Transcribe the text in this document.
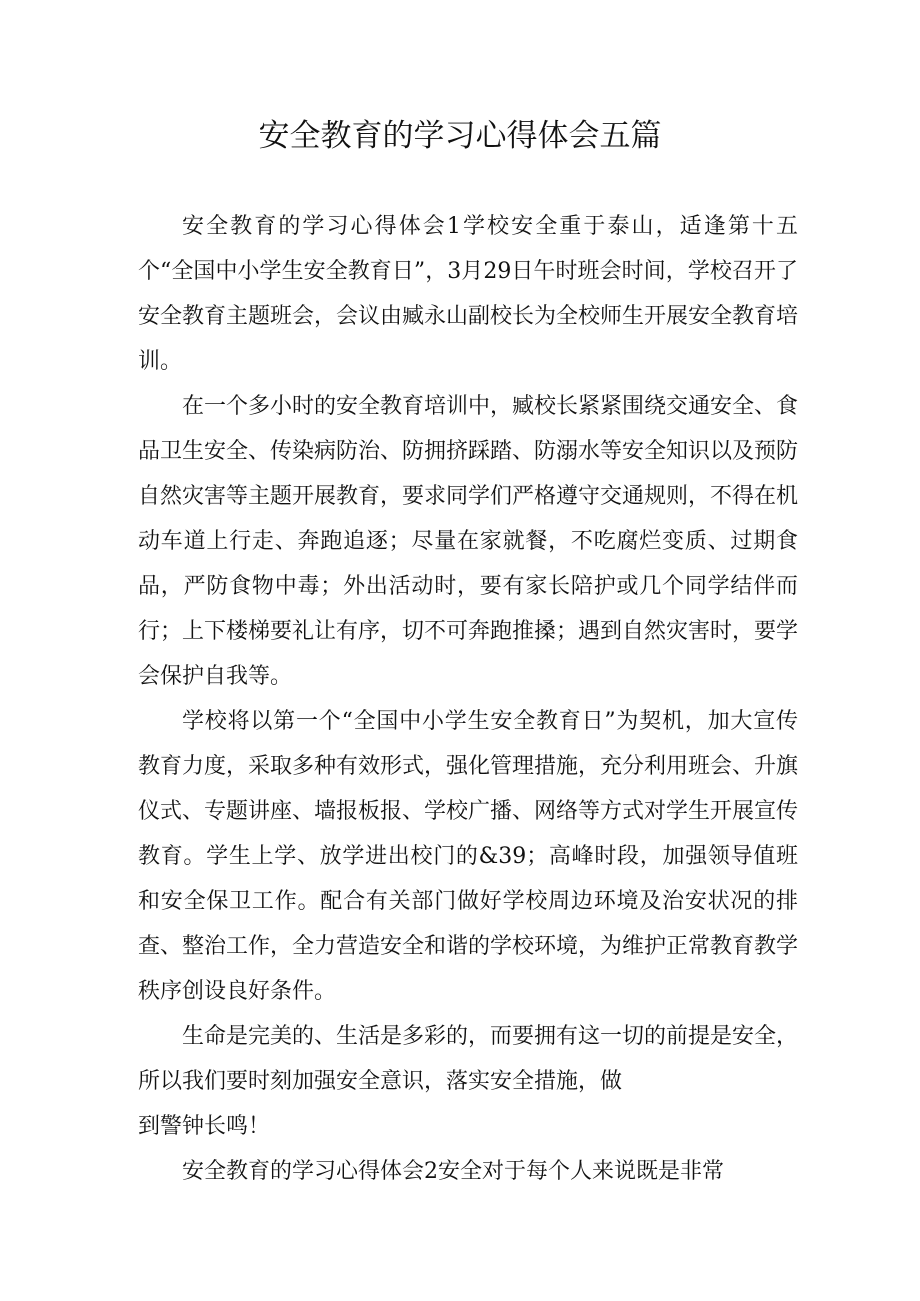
安全教育的学习心得体会五篇

安全教育的学习心得体会1学校安全重于泰山，适逢第十五个“全国中小学生安全教育日”，3月29日午时班会时间，学校召开了安全教育主题班会，会议由臧永山副校长为全校师生开展安全教育培训。

在一个多小时的安全教育培训中，臧校长紧紧围绕交通安全、食品卫生安全、传染病防治、防拥挤踩踏、防溺水等安全知识以及预防自然灾害等主题开展教育，要求同学们严格遵守交通规则，不得在机动车道上行走、奔跑追逐；尽量在家就餐，不吃腐烂变质、过期食品，严防食物中毒；外出活动时，要有家长陪护或几个同学结伴而行；上下楼梯要礼让有序，切不可奔跑推搡；遇到自然灾害时，要学会保护自我等。

学校将以第一个“全国中小学生安全教育日”为契机，加大宣传教育力度，采取多种有效形式，强化管理措施，充分利用班会、升旗仪式、专题讲座、墙报板报、学校广播、网络等方式对学生开展宣传教育。学生上学、放学进出校门的&39；高峰时段，加强领导值班和安全保卫工作。配合有关部门做好学校周边环境及治安状况的排查、整治工作，全力营造安全和谐的学校环境，为维护正常教育教学秩序创设良好条件。

生命是完美的、生活是多彩的，而要拥有这一切的前提是安全，所以我们要时刻加强安全意识，落实安全措施，做

到警钟长鸣！

安全教育的学习心得体会2安全对于每个人来说既是非常
